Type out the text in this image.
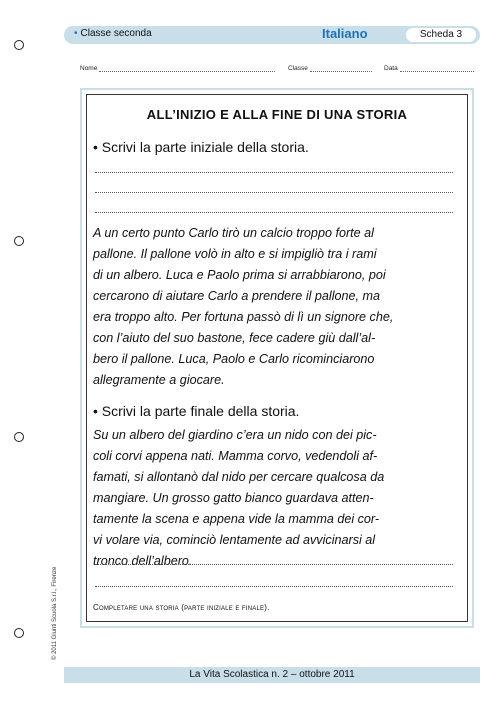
• Classe seconda	Italiano	Scheda 3
Nome	Classe	Data
ALL’INIZIO E ALLA FINE DI UNA STORIA
• Scrivi la parte iniziale della storia.
A un certo punto Carlo tirò un calcio troppo forte al
pallone. Il pallone volò in alto e si impigliò tra i rami
di un albero. Luca e Paolo prima si arrabbiarono, poi
cercarono di aiutare Carlo a prendere il pallone, ma
era troppo alto. Per fortuna passò di lì un signore che,
con l’aiuto del suo bastone, fece cadere giù dall’al-
bero il pallone. Luca, Paolo e Carlo ricominciarono
allegramente a giocare.
• Scrivi la parte finale della storia.
Su un albero del giardino c’era un nido con dei pic-
coli corvi appena nati. Mamma corvo, vedendoli af-
famati, si allontanò dal nido per cercare qualcosa da
mangiare. Un grosso gatto bianco guardava atten-
tamente la scena e appena vide la mamma dei cor-
vi volare via, cominciò lentamente ad avvicinarsi al
tronco dell’albero.
Completare una storia (parte iniziale e finale).
© 2011 Giunti Scuola S.r.l., Firenze
La Vita Scolastica n. 2 – ottobre 2011
